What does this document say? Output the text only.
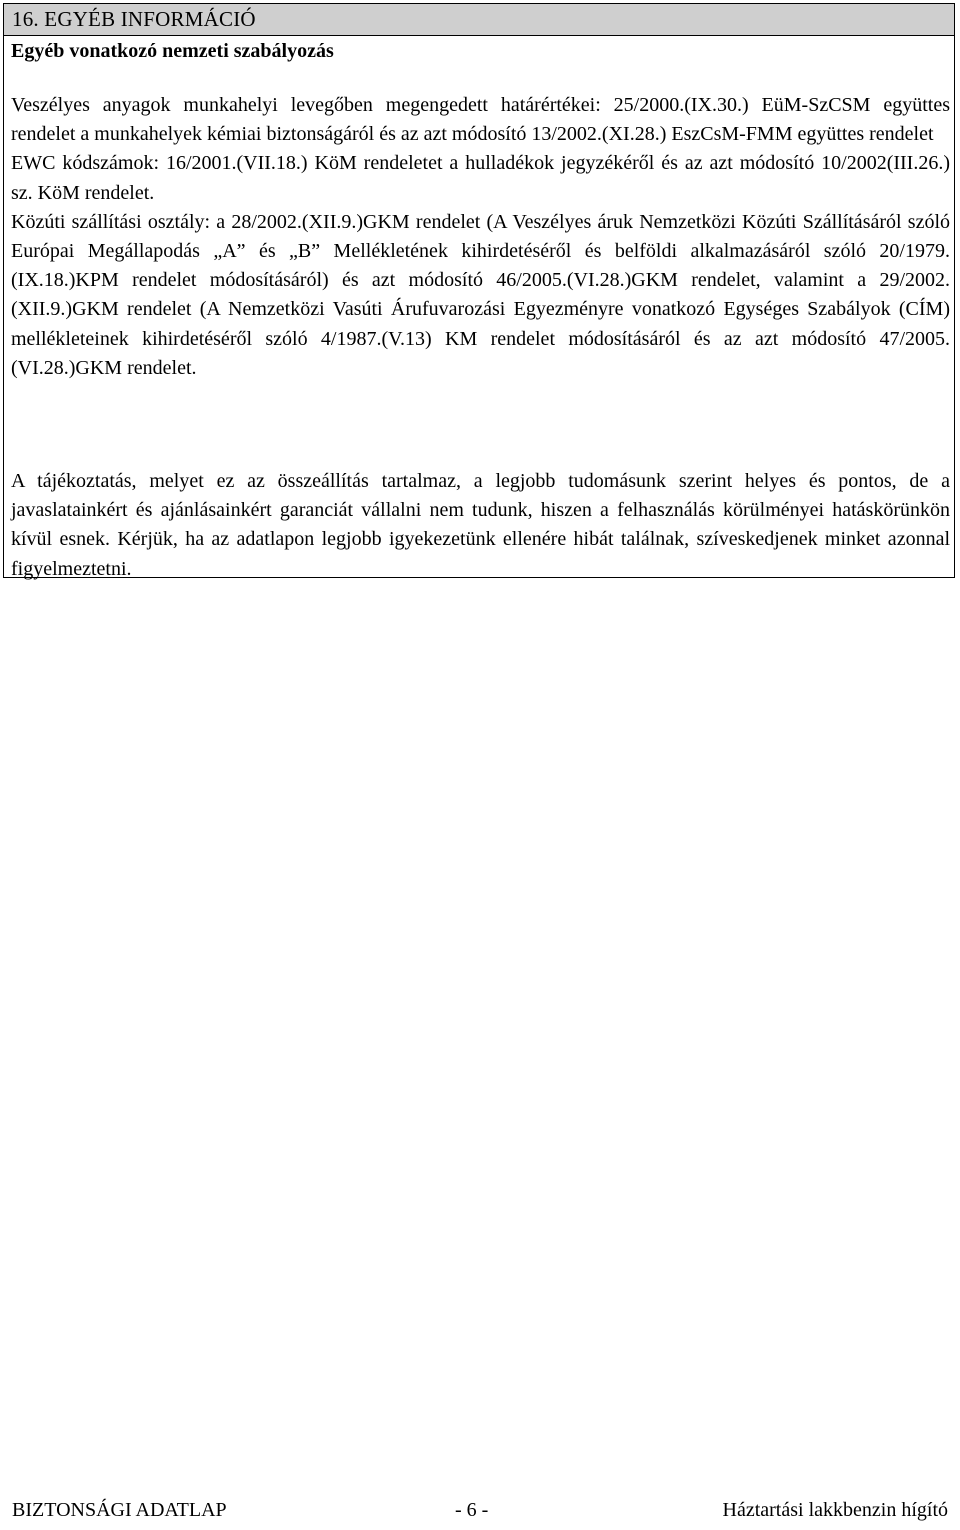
16. EGYÉB INFORMÁCIÓ
Egyéb vonatkozó nemzeti szabályozás

Veszélyes anyagok munkahelyi levegőben megengedett határértékei: 25/2000.(IX.30.) EüM-SzCSM együttes rendelet a munkahelyek kémiai biztonságáról és az azt módosító 13/2002.(XI.28.) EszCsM-FMM együttes rendelet

EWC kódszámok: 16/2001.(VII.18.) KöM rendeletet a hulladékok jegyzékéről és az azt módosító 10/2002(III.26.) sz. KöM rendelet.

Közúti szállítási osztály: a 28/2002.(XII.9.)GKM rendelet (A Veszélyes áruk Nemzetközi Közúti Szállításáról szóló Európai Megállapodás „A” és „B” Mellékletének kihirdetéséről és belföldi alkalmazásáról szóló 20/1979.(IX.18.)KPM rendelet módosításáról) és azt módosító 46/2005.(VI.28.)GKM rendelet, valamint a 29/2002.(XII.9.)GKM rendelet (A Nemzetközi Vasúti Árufuvarozási Egyezményre vonatkozó Egységes Szabályok (CÍM) mellékleteinek kihirdetéséről szóló 4/1987.(V.13) KM rendelet módosításáról és az azt módosító 47/2005.(VI.28.)GKM rendelet.

A tájékoztatás, melyet ez az összeállítás tartalmaz, a legjobb tudomásunk szerint helyes és pontos, de a javaslatainkért és ajánlásainkért garanciát vállalni nem tudunk, hiszen a felhasználás körülményei hatáskörünkön kívül esnek. Kérjük, ha az adatlapon legjobb igyekezetünk ellenére hibát találnak, szíveskedjenek minket azonnal figyelmeztetni.
BIZTONSÁGI ADATLAP	- 6 -	Háztartási lakkbenzin hígító
